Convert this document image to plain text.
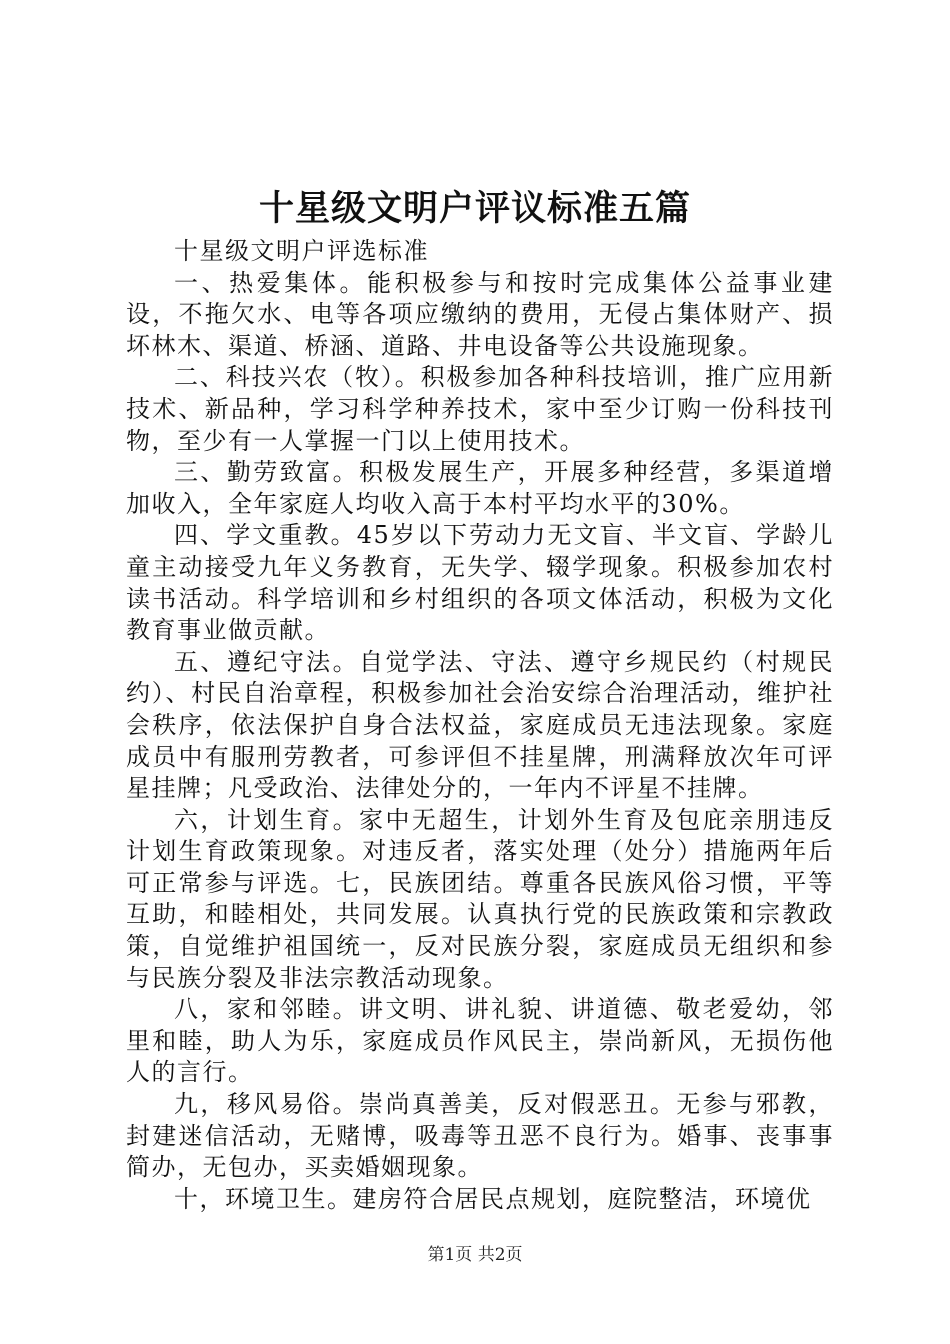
十星级文明户评议标准五篇

十星级文明户评选标准

一、热爱集体。能积极参与和按时完成集体公益事业建设，不拖欠水、电等各项应缴纳的费用，无侵占集体财产、损坏林木、渠道、桥涵、道路、井电设备等公共设施现象。

二、科技兴农（牧）。积极参加各种科技培训，推广应用新技术、新品种，学习科学种养技术，家中至少订购一份科技刊物，至少有一人掌握一门以上使用技术。

三、勤劳致富。积极发展生产，开展多种经营，多渠道增加收入，全年家庭人均收入高于本村平均水平的30%。

四、学文重教。45岁以下劳动力无文盲、半文盲、学龄儿童主动接受九年义务教育，无失学、辍学现象。积极参加农村读书活动。科学培训和乡村组织的各项文体活动，积极为文化教育事业做贡献。

五、遵纪守法。自觉学法、守法、遵守乡规民约（村规民约）、村民自治章程，积极参加社会治安综合治理活动，维护社会秩序，依法保护自身合法权益，家庭成员无违法现象。家庭成员中有服刑劳教者，可参评但不挂星牌，刑满释放次年可评星挂牌；凡受政治、法律处分的，一年内不评星不挂牌。

六，计划生育。家中无超生，计划外生育及包庇亲朋违反计划生育政策现象。对违反者，落实处理（处分）措施两年后可正常参与评选。七，民族团结。尊重各民族风俗习惯，平等互助，和睦相处，共同发展。认真执行党的民族政策和宗教政策，自觉维护祖国统一，反对民族分裂，家庭成员无组织和参与民族分裂及非法宗教活动现象。

八，家和邻睦。讲文明、讲礼貌、讲道德、敬老爱幼，邻里和睦，助人为乐，家庭成员作风民主，崇尚新风，无损伤他人的言行。

九，移风易俗。崇尚真善美，反对假恶丑。无参与邪教，封建迷信活动，无赌博，吸毒等丑恶不良行为。婚事、丧事事简办，无包办，买卖婚姻现象。

十，环境卫生。建房符合居民点规划，庭院整洁，环境优

第1页 共2页
